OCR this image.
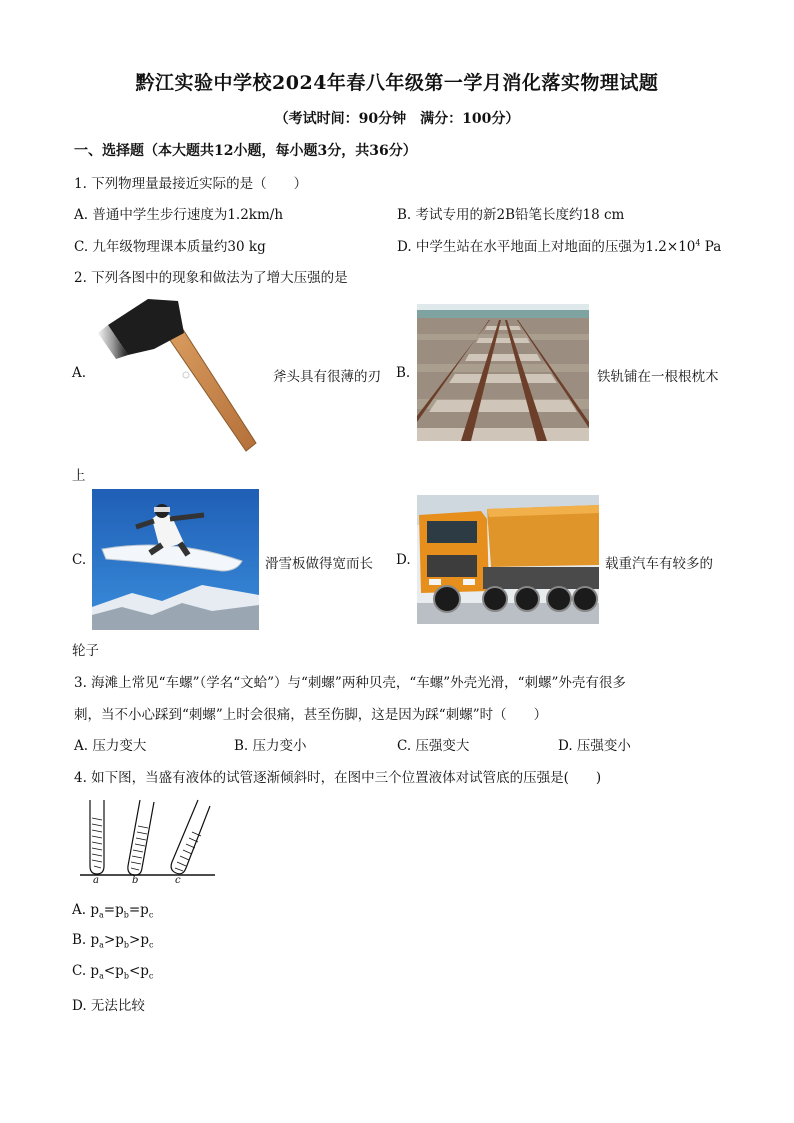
黔江实验中学校2024年春八年级第一学月消化落实物理试题
（考试时间：90分钟　满分：100分）
一、选择题（本大题共12小题，每小题3分，共36分）
1. 下列物理量最接近实际的是（　　）
A. 普通中学生步行速度为1.2km/h	B. 考试专用的新2B铅笔长度约18 cm
C. 九年级物理课本质量约30 kg	D. 中学生站在水平地面上对地面的压强为$1.2\times 10^4$ Pa
2. 下列各图中的现象和做法为了增大压强的是
A.	斧头具有很薄的刃 B.	铁轨铺在一根根枕木
上
C.	滑雪板做得宽而长 D.	载重汽车有较多的
轮子
3. 海滩上常见“车螺”（学名“文蛤”）与“刺螺”两种贝壳，“车螺”外壳光滑，“刺螺”外壳有很多
刺，当不小心踩到“刺螺”上时会很痛，甚至伤脚，这是因为踩“刺螺”时（　　）
A. 压力变大	B. 压力变小	C. 压强变大	D. 压强变小
4. 如下图，当盛有液体的试管逐渐倾斜时，在图中三个位置液体对试管底的压强是(　　)
a	b	c
A. $p_a=p_b=p_c$
B. $p_a>p_b>p_c$
C. $p_a<p_b<p_c$
D. 无法比较
